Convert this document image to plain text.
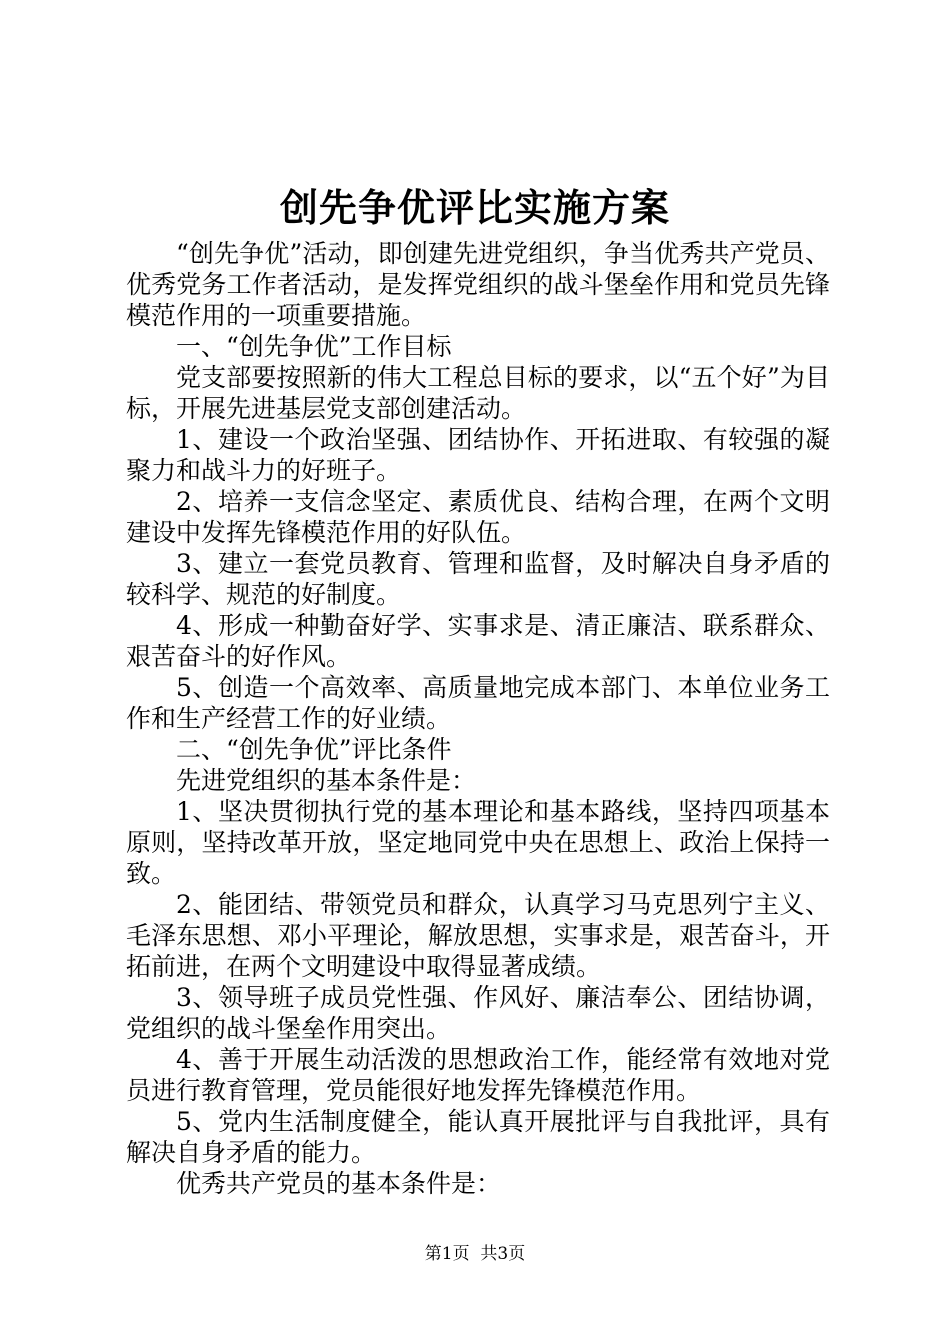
创先争优评比实施方案

“创先争优”活动，即创建先进党组织，争当优秀共产党员、优秀党务工作者活动，是发挥党组织的战斗堡垒作用和党员先锋模范作用的一项重要措施。

一、“创先争优”工作目标

党支部要按照新的伟大工程总目标的要求，以“五个好”为目标，开展先进基层党支部创建活动。

1、建设一个政治坚强、团结协作、开拓进取、有较强的凝聚力和战斗力的好班子。

2、培养一支信念坚定、素质优良、结构合理，在两个文明建设中发挥先锋模范作用的好队伍。

3、建立一套党员教育、管理和监督，及时解决自身矛盾的较科学、规范的好制度。

4、形成一种勤奋好学、实事求是、清正廉洁、联系群众、艰苦奋斗的好作风。

5、创造一个高效率、高质量地完成本部门、本单位业务工作和生产经营工作的好业绩。

二、“创先争优”评比条件

先进党组织的基本条件是：

1、坚决贯彻执行党的基本理论和基本路线，坚持四项基本原则，坚持改革开放，坚定地同党中央在思想上、政治上保持一致。

2、能团结、带领党员和群众，认真学习马克思列宁主义、毛泽东思想、邓小平理论，解放思想，实事求是，艰苦奋斗，开拓前进，在两个文明建设中取得显著成绩。

3、领导班子成员党性强、作风好、廉洁奉公、团结协调，党组织的战斗堡垒作用突出。

4、善于开展生动活泼的思想政治工作，能经常有效地对党员进行教育管理，党员能很好地发挥先锋模范作用。

5、党内生活制度健全，能认真开展批评与自我批评，具有解决自身矛盾的能力。

优秀共产党员的基本条件是：

第1页 共3页
